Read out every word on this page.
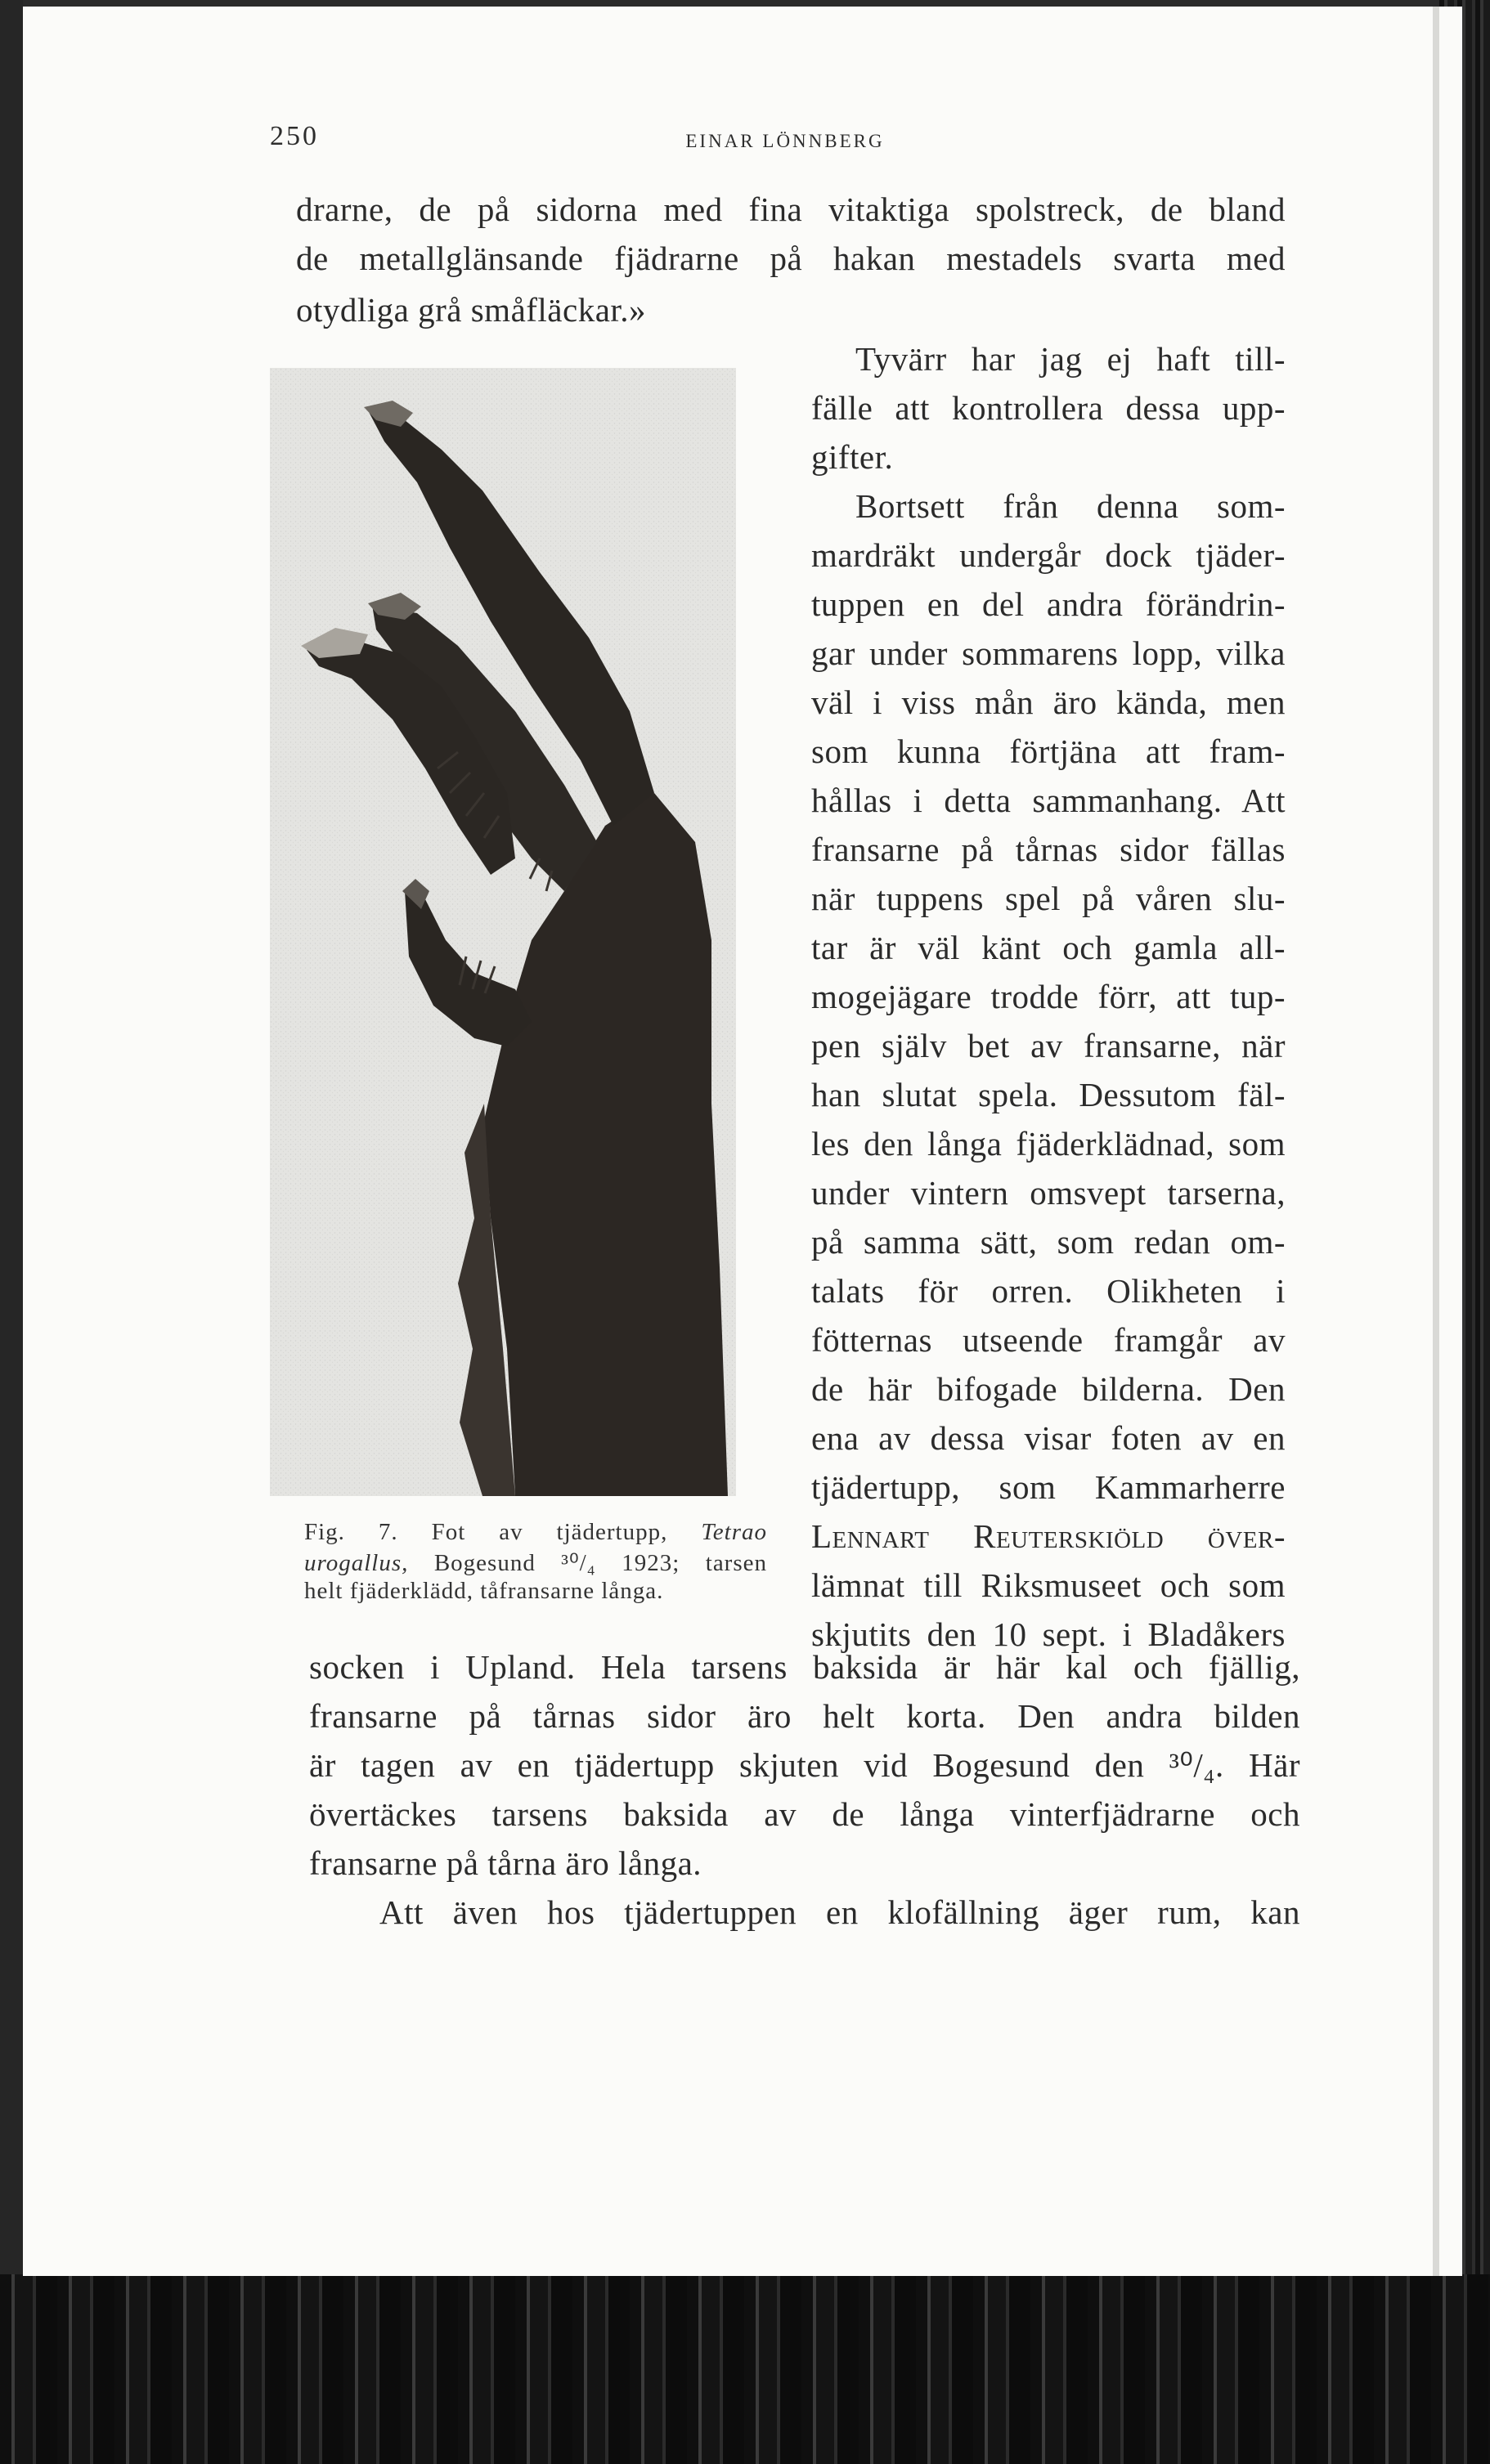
250	EINAR LÖNNBERG
drarne, de på sidorna med fina vitaktiga spolstreck, de bland
de metallglänsande fjädrarne på hakan mestadels svarta med
otydliga grå småfläckar.»
Tyvärr har jag ej haft till-
fälle att kontrollera dessa upp-
gifter.
Bortsett från denna som-
mardräkt undergår dock tjäder-
tuppen en del andra förändrin-
gar under sommarens lopp, vilka
väl i viss mån äro kända, men
som kunna förtjäna att fram-
hållas i detta sammanhang. Att
fransarne på tårnas sidor fällas
när tuppens spel på våren slu-
tar är väl känt och gamla all-
mogejägare trodde förr, att tup-
pen själv bet av fransarne, när
han slutat spela. Dessutom fäl-
les den långa fjäderklädnad, som
under vintern omsvept tarserna,
på samma sätt, som redan om-
talats för orren. Olikheten i
fötternas utseende framgår av
de här bifogade bilderna. Den
ena av dessa visar foten av en
tjädertupp, som Kammarherre
Lennart Reuterskiöld över-
lämnat till Riksmuseet och som
skjutits den 10 sept. i Bladåkers
Fig. 7. Fot av tjädertupp, Tetrao
urogallus, Bogesund ³⁰/₄ 1923; tarsen
helt fjäderklädd, tåfransarne långa.
socken i Upland. Hela tarsens baksida är här kal och fjällig,
fransarne på tårnas sidor äro helt korta. Den andra bilden
är tagen av en tjädertupp skjuten vid Bogesund den ³⁰/₄. Här
övertäckes tarsens baksida av de långa vinterfjädrarne och
fransarne på tårna äro långa.
Att även hos tjädertuppen en klofällning äger rum, kan
